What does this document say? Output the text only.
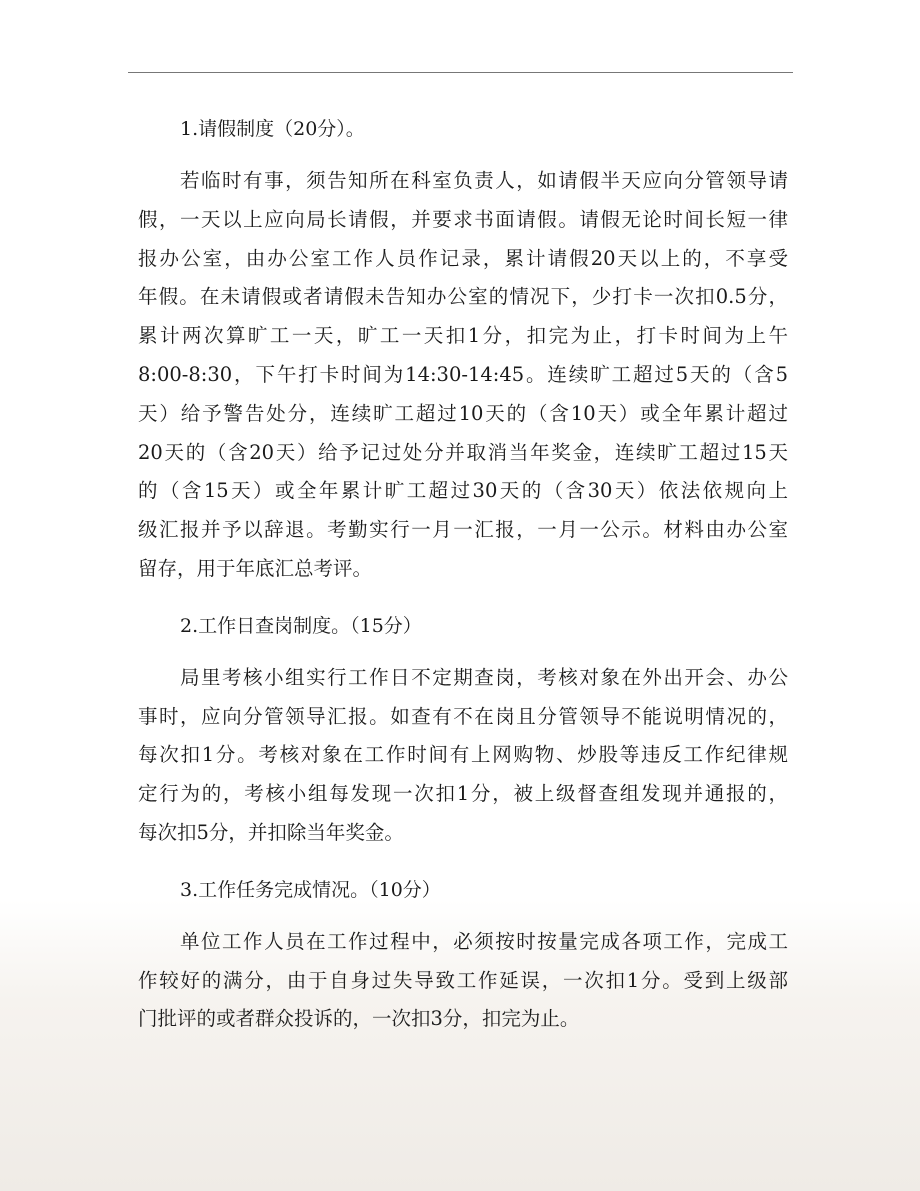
1.请假制度（20分）。
若临时有事，须告知所在科室负责人，如请假半天应向分管领导请
假，一天以上应向局长请假，并要求书面请假。请假无论时间长短一律
报办公室，由办公室工作人员作记录，累计请假20天以上的，不享受
年假。在未请假或者请假未告知办公室的情况下，少打卡一次扣0.5分，
累计两次算旷工一天，旷工一天扣1分，扣完为止，打卡时间为上午
8:00-8:30，下午打卡时间为14:30-14:45。连续旷工超过5天的（含5
天）给予警告处分，连续旷工超过10天的（含10天）或全年累计超过
20天的（含20天）给予记过处分并取消当年奖金，连续旷工超过15天
的（含15天）或全年累计旷工超过30天的（含30天）依法依规向上
级汇报并予以辞退。考勤实行一月一汇报，一月一公示。材料由办公室
留存，用于年底汇总考评。
2.工作日查岗制度。（15分）
局里考核小组实行工作日不定期查岗，考核对象在外出开会、办公
事时，应向分管领导汇报。如查有不在岗且分管领导不能说明情况的，
每次扣1分。考核对象在工作时间有上网购物、炒股等违反工作纪律规
定行为的，考核小组每发现一次扣1分，被上级督查组发现并通报的，
每次扣5分，并扣除当年奖金。
3.工作任务完成情况。（10分）
单位工作人员在工作过程中，必须按时按量完成各项工作，完成工
作较好的满分，由于自身过失导致工作延误，一次扣1分。受到上级部
门批评的或者群众投诉的，一次扣3分，扣完为止。
